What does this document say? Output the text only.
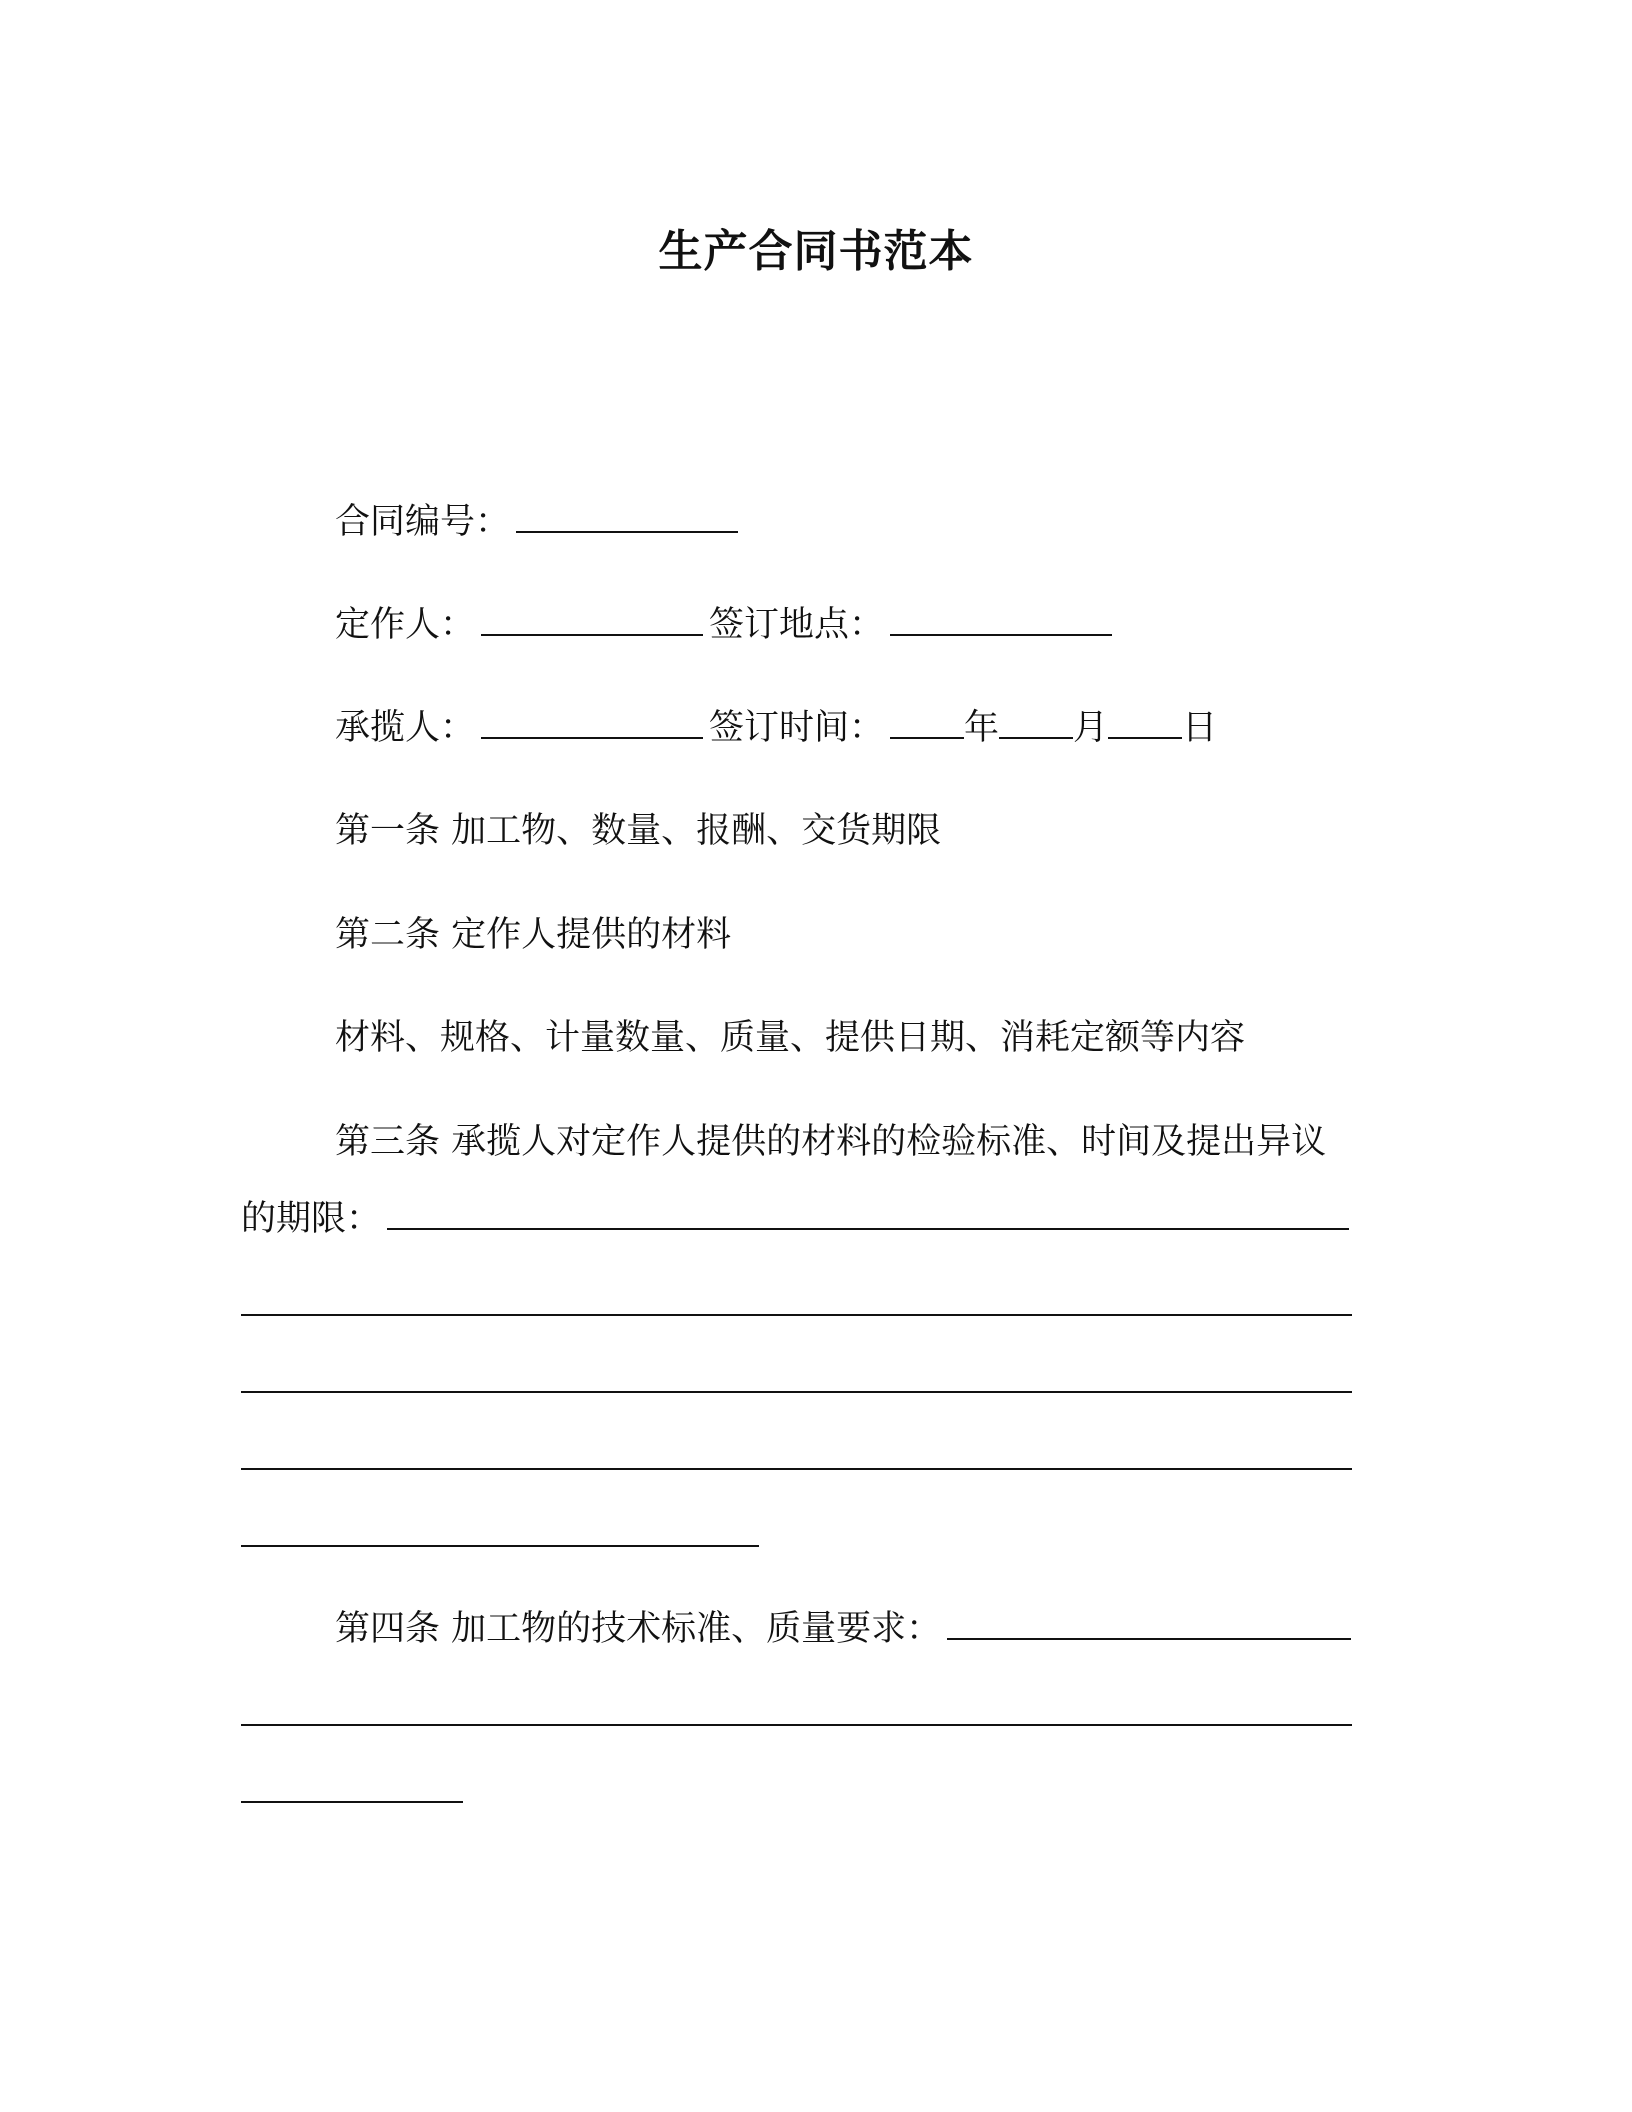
生产合同书范本
合同编号：
定作人：	签订地点：
承揽人：	签订时间： 年 月 日
第一条 加工物、数量、报酬、交货期限
第二条 定作人提供的材料
材料、规格、计量数量、质量、提供日期、消耗定额等内容
第三条 承揽人对定作人提供的材料的检验标准、时间及提出异议
的期限：
第四条 加工物的技术标准、质量要求：
